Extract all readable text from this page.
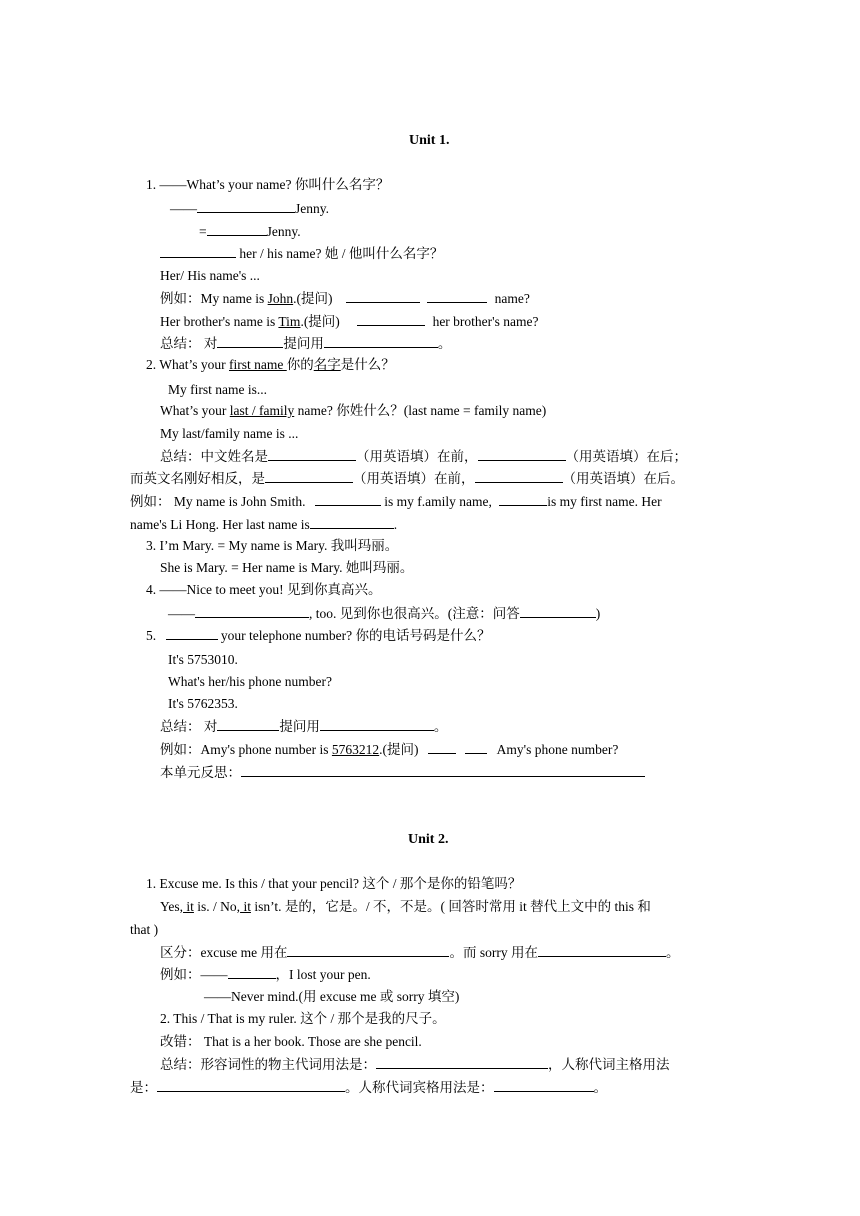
Unit 1.
1. ——What’s your name? 你叫什么名字？
——	Jenny.
=	Jenny.
her / his name? 她 / 他叫什么名字？
Her/ His name's ...
例如：My name is John.(提问)	name?
Her brother's name is Tim.(提问)	her brother's name?
总结： 对	提问用	。
2. What’s your first name 你的名字是什么？
My first name is...
What’s your last / family name? 你姓什么？(last name = family name)
My last/family name is ...
总结：中文姓名是	（用英语填）在前，	（用英语填）在后；
而英文名刚好相反，是	（用英语填）在前，	（用英语填）在后。
例如： My name is John Smith.	is my f.amily name,	is my first name. Her
name's Li Hong. Her last name is	.
3. I’m Mary. = My name is Mary. 我叫玛丽。
She is Mary. = Her name is Mary. 她叫玛丽。
4. ——Nice to meet you! 见到你真高兴。
——	, too. 见到你也很高兴。(注意：问答	)
5.	your telephone number? 你的电话号码是什么？
It's 5753010.
What's her/his phone number?
It's 5762353.
总结： 对	提问用	。
例如：Amy's phone number is 5763212.(提问)	Amy's phone number?
本单元反思：
Unit 2.
1. Excuse me. Is this / that your pencil? 这个 / 那个是你的铅笔吗？
Yes, it is. / No, it isn’t. 是的，它是。/ 不，不是。( 回答时常用 it 替代上文中的 this 和
that )
区分：excuse me 用在	。而 sorry 用在	。
例如：——	，I lost your pen.
——Never mind.(用 excuse me 或 sorry 填空)
2. This / That is my ruler. 这个 / 那个是我的尺子。
改错： That is a her book. Those are she pencil.
总结：形容词性的物主代词用法是：	，人称代词主格用法
是：	。人称代词宾格用法是：	。
